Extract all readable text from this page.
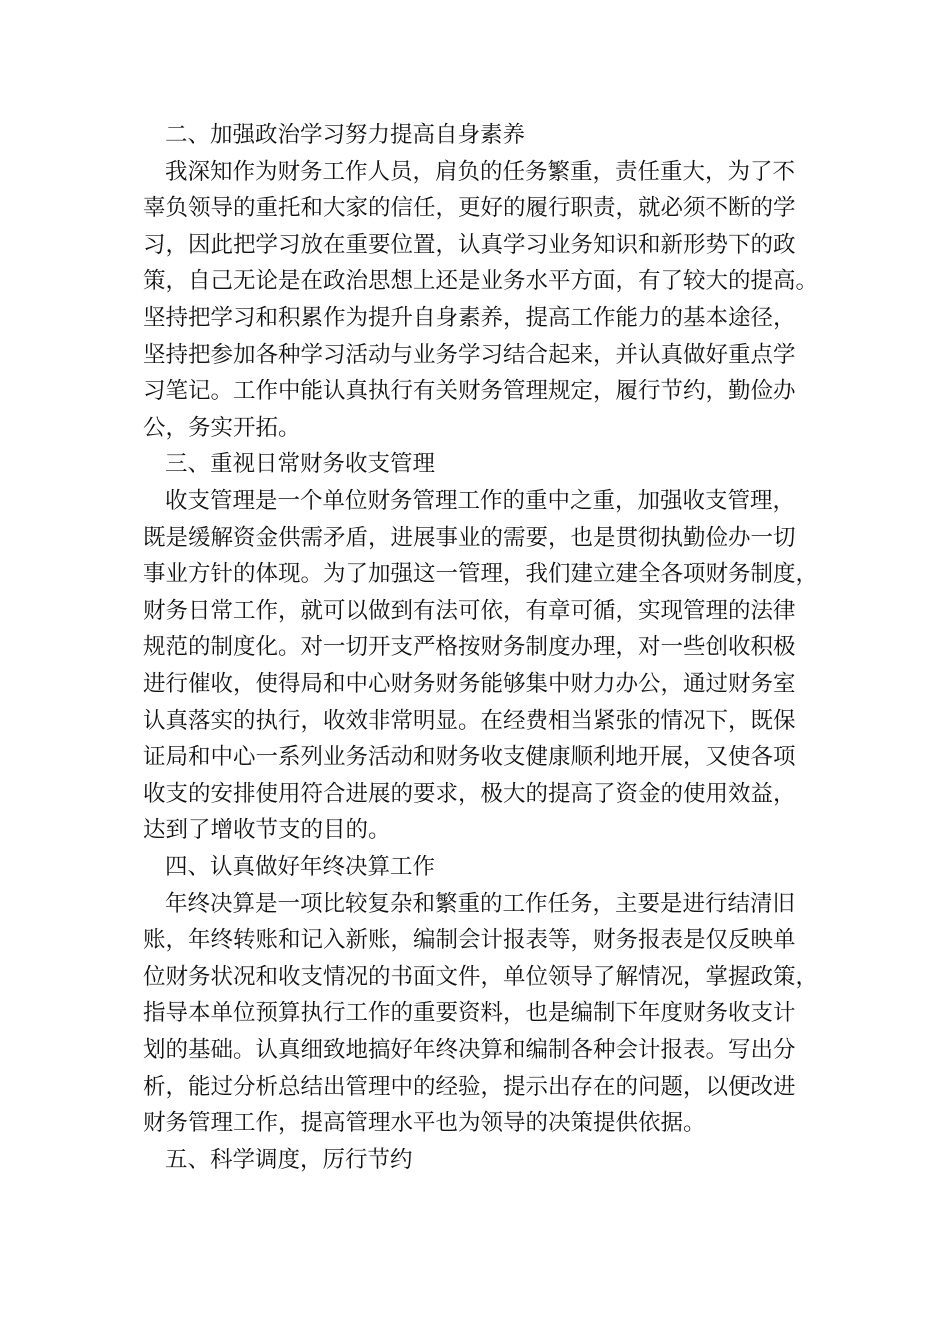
二、加强政治学习努力提高自身素养
我深知作为财务工作人员，肩负的任务繁重，责任重大，为了不
辜负领导的重托和大家的信任，更好的履行职责，就必须不断的学
习，因此把学习放在重要位置，认真学习业务知识和新形势下的政
策，自己无论是在政治思想上还是业务水平方面，有了较大的提高。
坚持把学习和积累作为提升自身素养，提高工作能力的基本途径，
坚持把参加各种学习活动与业务学习结合起来，并认真做好重点学
习笔记。工作中能认真执行有关财务管理规定，履行节约，勤俭办
公，务实开拓。
三、重视日常财务收支管理
收支管理是一个单位财务管理工作的重中之重，加强收支管理，
既是缓解资金供需矛盾，进展事业的需要，也是贯彻执勤俭办一切
事业方针的体现。为了加强这一管理，我们建立建全各项财务制度，
财务日常工作，就可以做到有法可依，有章可循，实现管理的法律
规范的制度化。对一切开支严格按财务制度办理，对一些创收积极
进行催收，使得局和中心财务财务能够集中财力办公，通过财务室
认真落实的执行，收效非常明显。在经费相当紧张的情况下，既保
证局和中心一系列业务活动和财务收支健康顺利地开展，又使各项
收支的安排使用符合进展的要求，极大的提高了资金的使用效益，
达到了增收节支的目的。
四、认真做好年终决算工作
年终决算是一项比较复杂和繁重的工作任务，主要是进行结清旧
账，年终转账和记入新账，编制会计报表等，财务报表是仅反映单
位财务状况和收支情况的书面文件，单位领导了解情况，掌握政策，
指导本单位预算执行工作的重要资料，也是编制下年度财务收支计
划的基础。认真细致地搞好年终决算和编制各种会计报表。写出分
析，能过分析总结出管理中的经验，提示出存在的问题，以便改进
财务管理工作，提高管理水平也为领导的决策提供依据。
五、科学调度，厉行节约
